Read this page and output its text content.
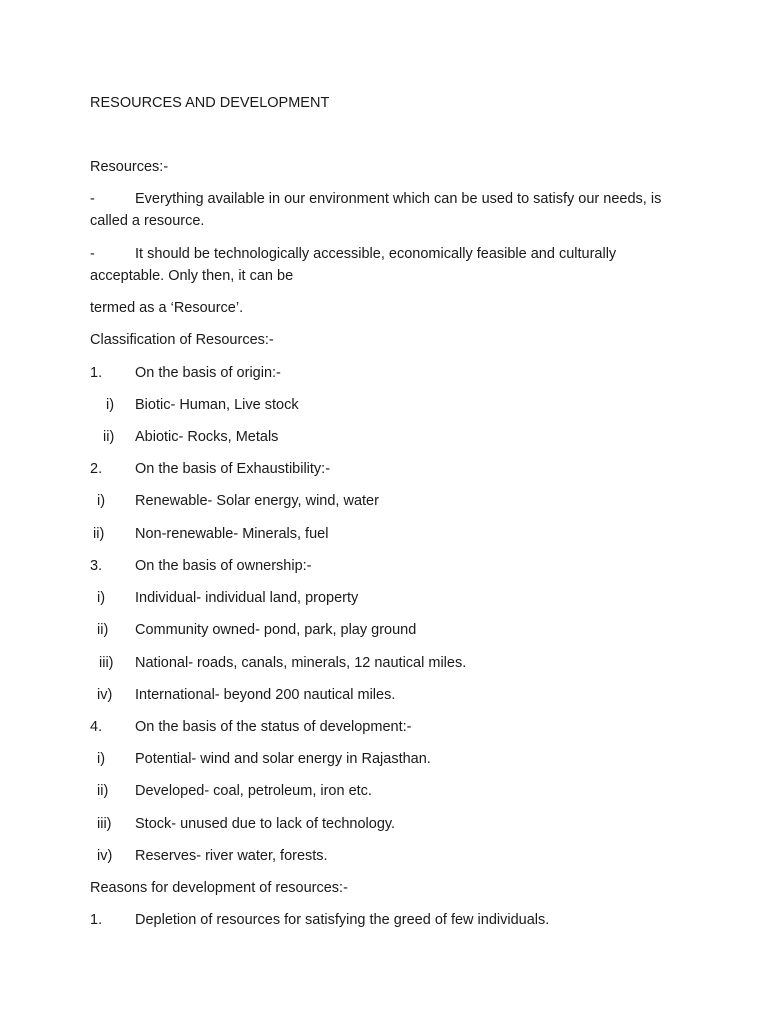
RESOURCES AND DEVELOPMENT
Resources:-
-	Everything available in our environment which can be used to satisfy our needs, is
called a resource.
-	It should be technologically accessible, economically feasible and culturally
acceptable. Only then, it can be
termed as a ‘Resource’.
Classification of Resources:-
1. On the basis of origin:-
i) Biotic- Human, Live stock
ii) Abiotic- Rocks, Metals
2. On the basis of Exhaustibility:-
i) Renewable- Solar energy, wind, water
ii) Non-renewable- Minerals, fuel
3. On the basis of ownership:-
i) Individual- individual land, property
ii) Community owned- pond, park, play ground
iii) National- roads, canals, minerals, 12 nautical miles.
iv) International- beyond 200 nautical miles.
4. On the basis of the status of development:-
i) Potential- wind and solar energy in Rajasthan.
ii) Developed- coal, petroleum, iron etc.
iii) Stock- unused due to lack of technology.
iv) Reserves- river water, forests.
Reasons for development of resources:-
1. Depletion of resources for satisfying the greed of few individuals.
